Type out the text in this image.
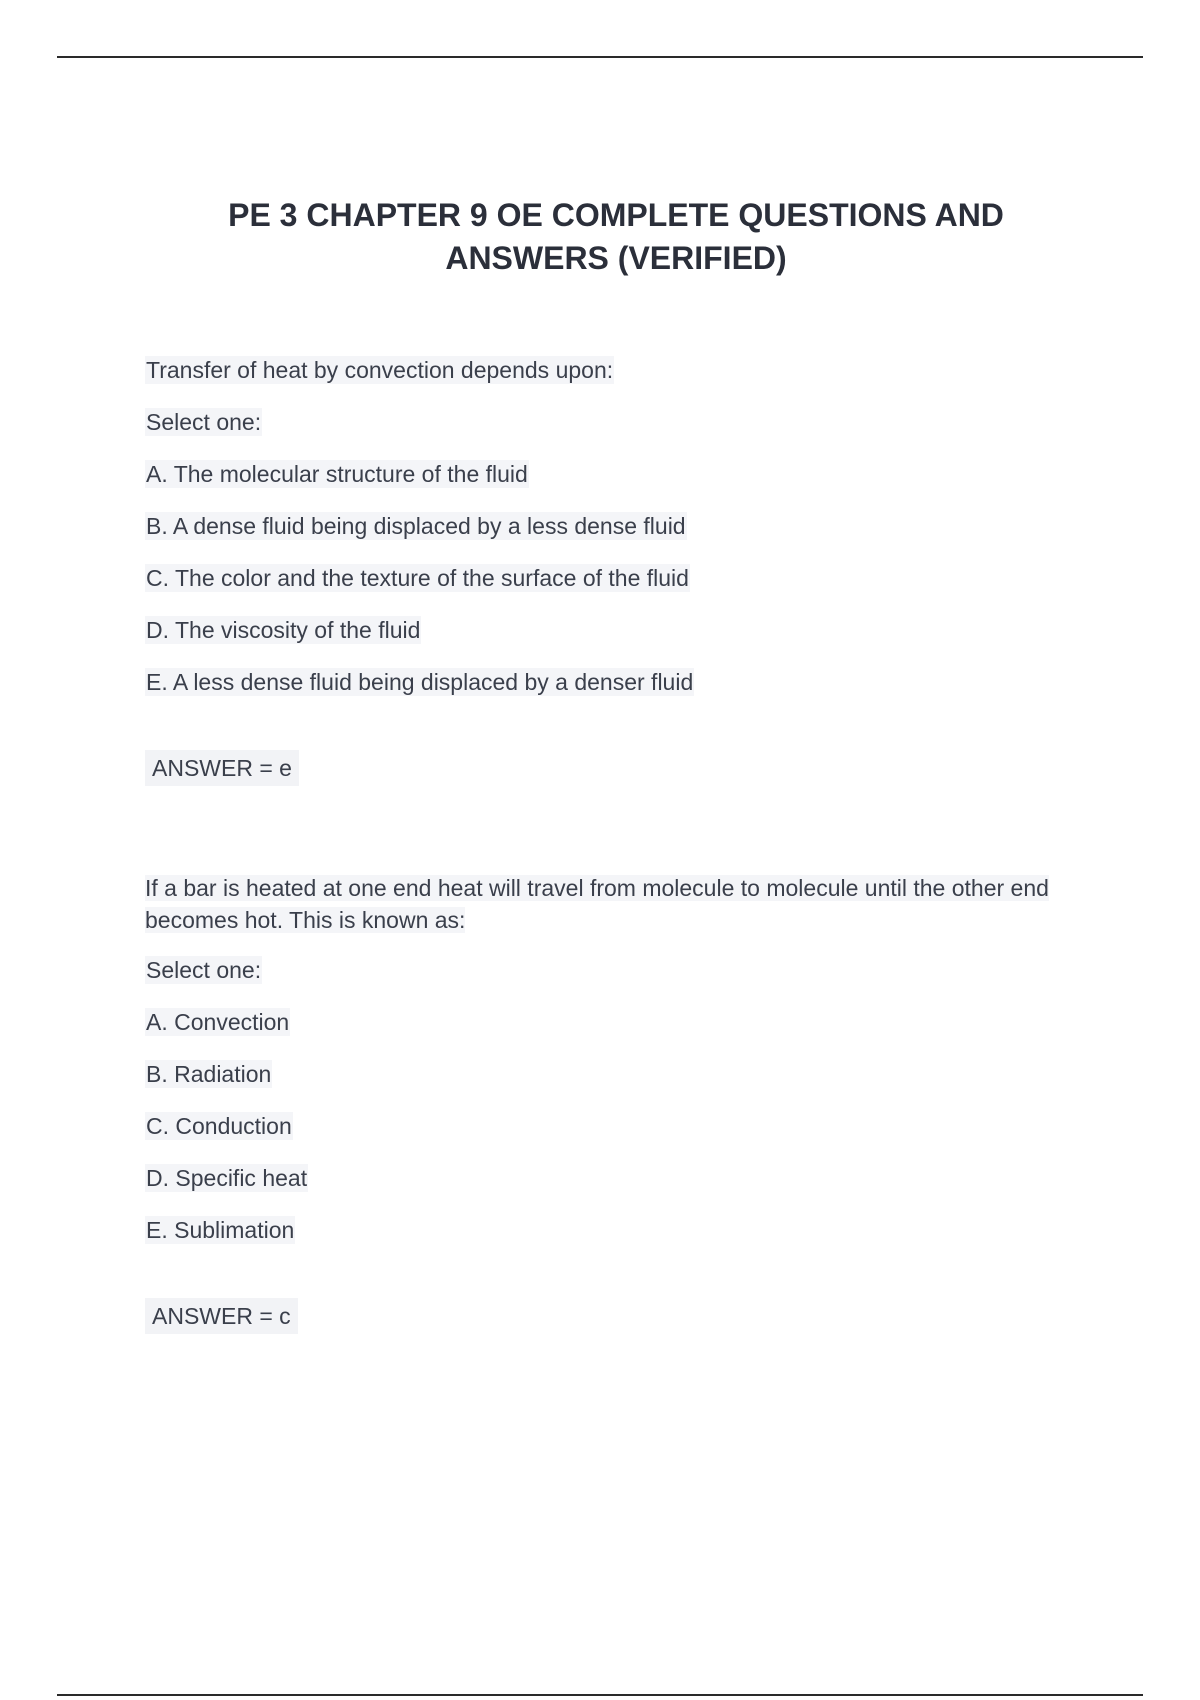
PE 3 CHAPTER 9 OE COMPLETE QUESTIONS AND ANSWERS (VERIFIED)
Transfer of heat by convection depends upon:
Select one:
A. The molecular structure of the fluid
B. A dense fluid being displaced by a less dense fluid
C. The color and the texture of the surface of the fluid
D. The viscosity of the fluid
E. A less dense fluid being displaced by a denser fluid
ANSWER = e
If a bar is heated at one end heat will travel from molecule to molecule until the other end becomes hot. This is known as:
Select one:
A. Convection
B. Radiation
C. Conduction
D. Specific heat
E. Sublimation
ANSWER = c
